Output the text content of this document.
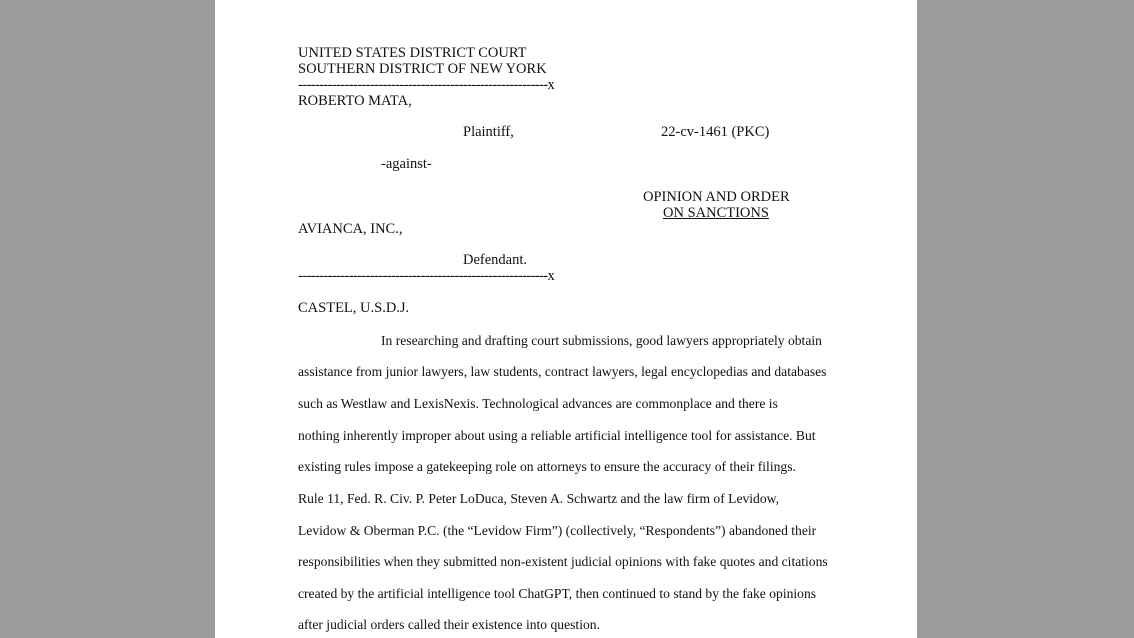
UNITED STATES DISTRICT COURT
SOUTHERN DISTRICT OF NEW YORK
-----------------------------------------------------------x
ROBERTO MATA,
Plaintiff,	22-cv-1461 (PKC)
-against-
OPINION AND ORDER
ON SANCTIONS
AVIANCA, INC.,
Defendant.
-----------------------------------------------------------x
CASTEL, U.S.D.J.
In researching and drafting court submissions, good lawyers appropriately obtain
assistance from junior lawyers, law students, contract lawyers, legal encyclopedias and databases
such as Westlaw and LexisNexis. Technological advances are commonplace and there is
nothing inherently improper about using a reliable artificial intelligence tool for assistance. But
existing rules impose a gatekeeping role on attorneys to ensure the accuracy of their filings.
Rule 11, Fed. R. Civ. P. Peter LoDuca, Steven A. Schwartz and the law firm of Levidow,
Levidow & Oberman P.C. (the “Levidow Firm”) (collectively, “Respondents”) abandoned their
responsibilities when they submitted non-existent judicial opinions with fake quotes and citations
created by the artificial intelligence tool ChatGPT, then continued to stand by the fake opinions
after judicial orders called their existence into question.
